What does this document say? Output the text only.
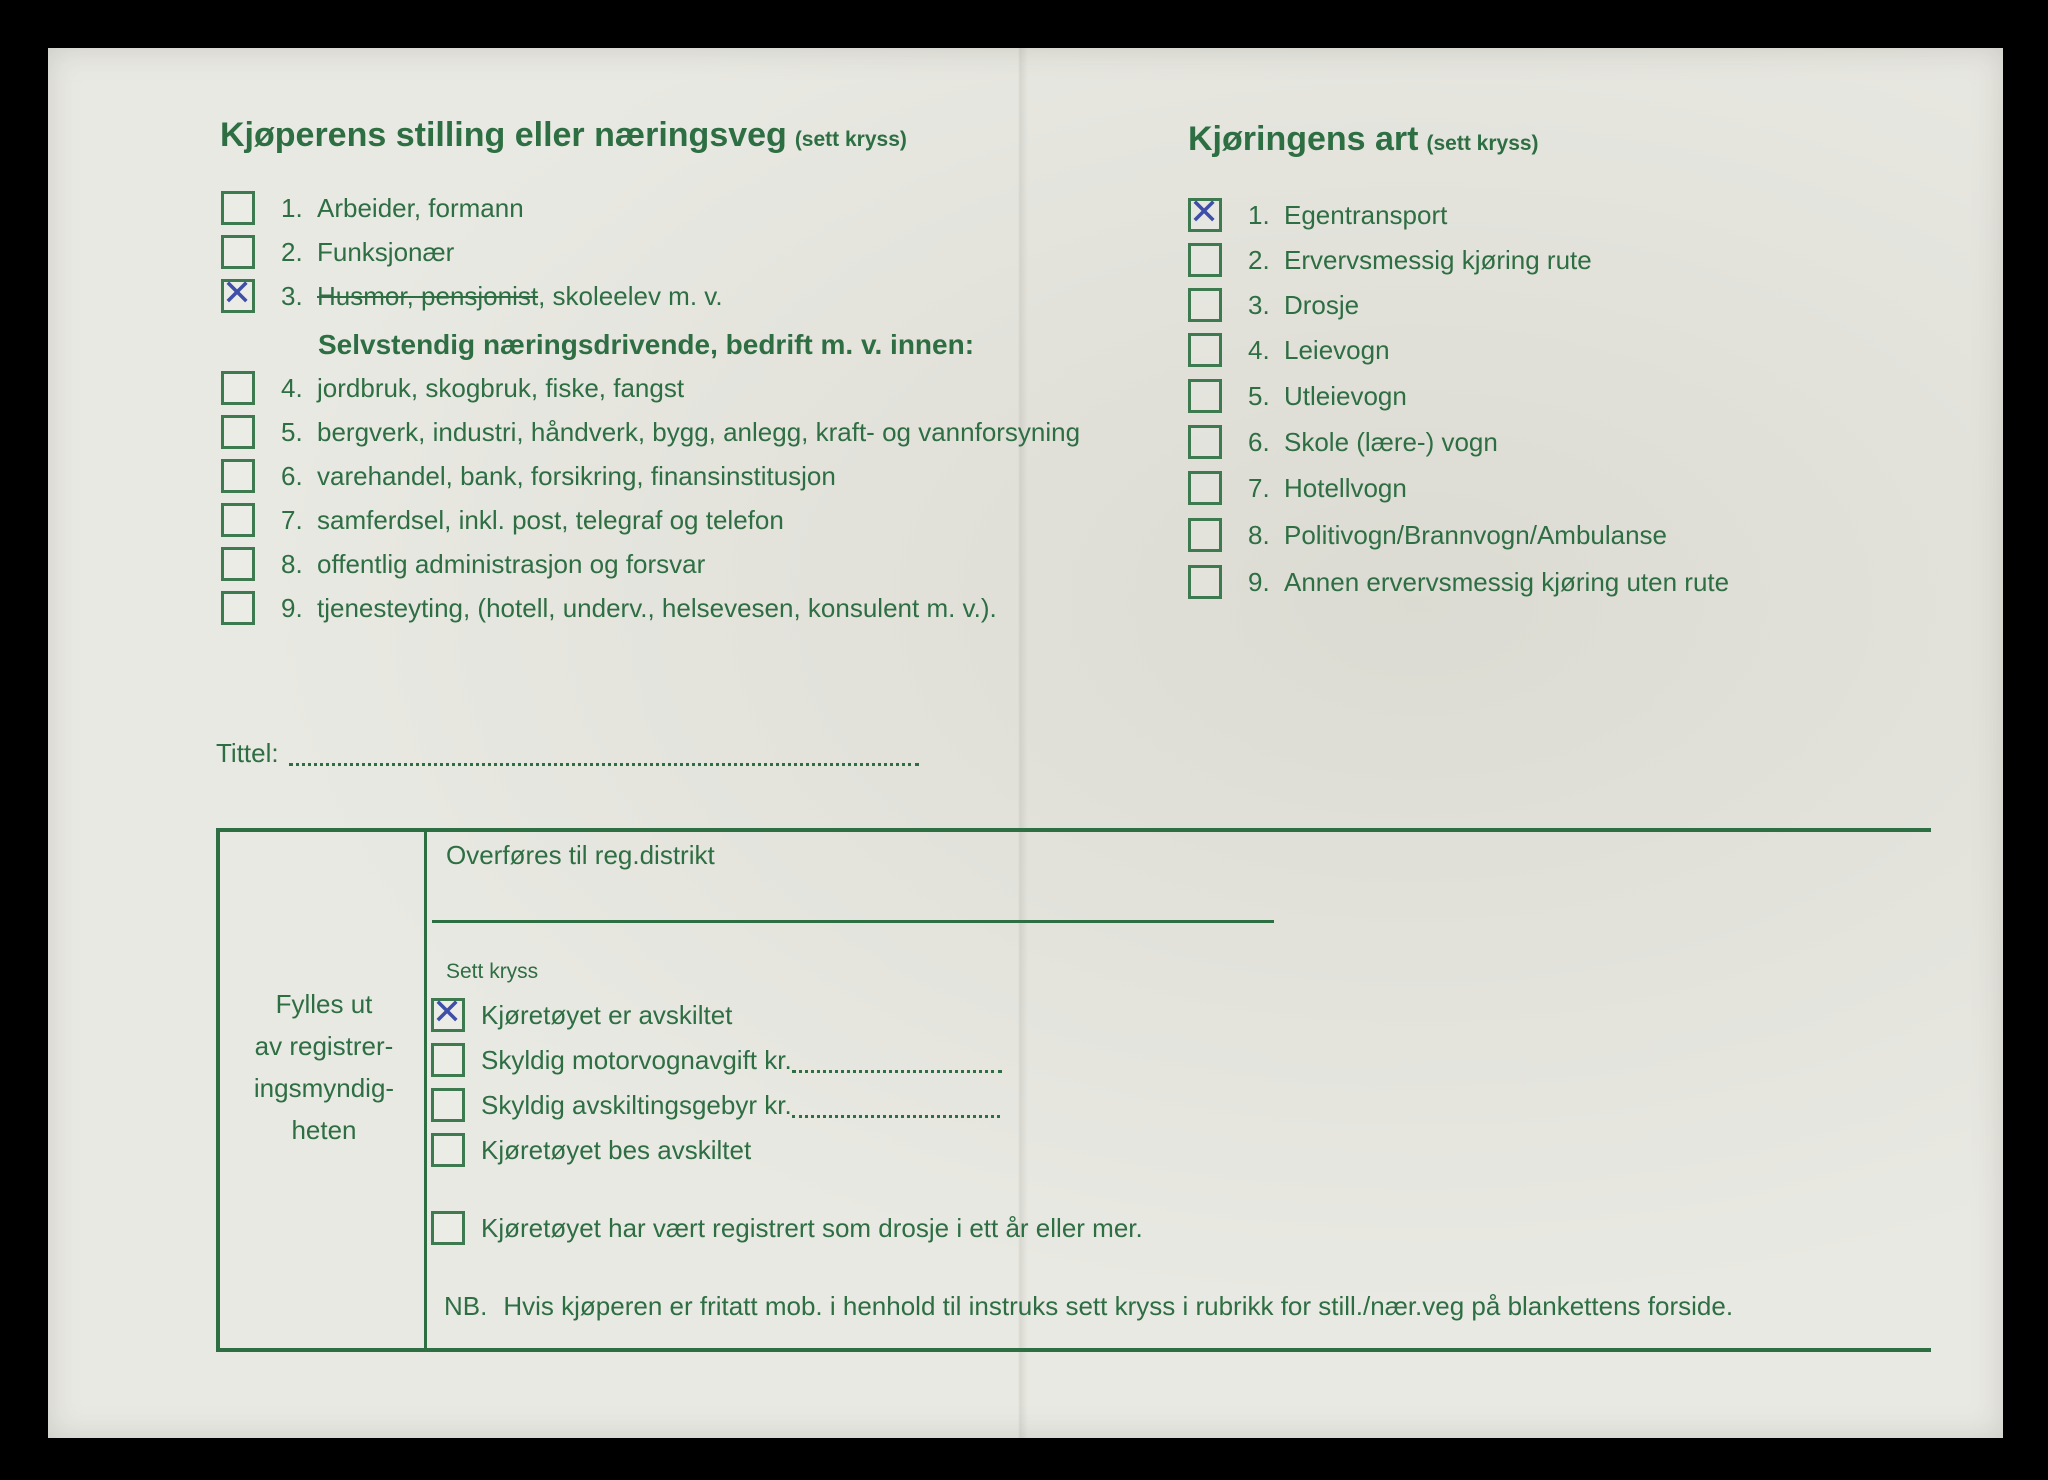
Kjøperens stilling eller næringsveg (sett kryss)
1. Arbeider, formann
2. Funksjonær
✕ 3. Husmor, pensjonist , skoleelev m. v.
Selvstendig næringsdrivende, bedrift m. v. innen:
4. jordbruk, skogbruk, fiske, fangst
5. bergverk, industri, håndverk, bygg, anlegg, kraft- og vannforsyning
6. varehandel, bank, forsikring, finansinstitusjon
7. samferdsel, inkl. post, telegraf og telefon
8. offentlig administrasjon og forsvar
9. tjenesteyting, (hotell, underv., helsevesen, konsulent m. v.).
Kjøringens art (sett kryss)
✕ 1. Egentransport
2. Ervervsmessig kjøring rute
3. Drosje
4. Leievogn
5. Utleievogn
6. Skole (lære-) vogn
7. Hotellvogn
8. Politivogn/Brannvogn/Ambulanse
9. Annen ervervsmessig kjøring uten rute
Tittel:
Fylles ut
av registrer-
ingsmyndig-
heten
Overføres til reg.distrikt
Sett kryss
✕ Kjøretøyet er avskiltet
Skyldig motorvognavgift kr.
Skyldig avskiltingsgebyr kr.
Kjøretøyet bes avskiltet
Kjøretøyet har vært registrert som drosje i ett år eller mer.
NB. Hvis kjøperen er fritatt mob. i henhold til instruks sett kryss i rubrikk for still./nær.veg på blankettens forside.
